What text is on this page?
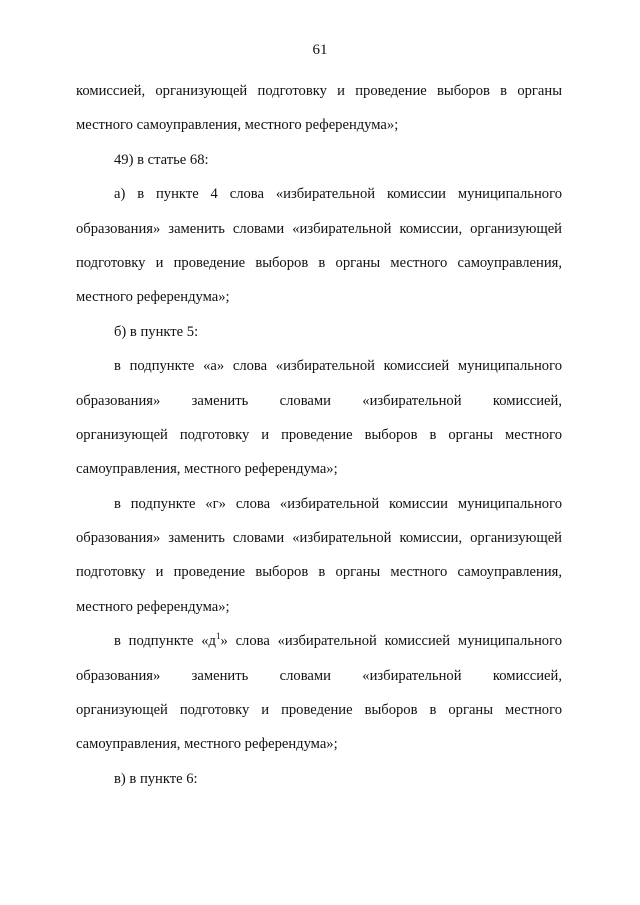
61
комиссией, организующей подготовку и проведение выборов в органы
местного самоуправления, местного референдума»;
49) в статье 68:
а) в пункте 4 слова «избирательной комиссии муниципального
образования» заменить словами «избирательной комиссии, организующей
подготовку и проведение выборов в органы местного самоуправления,
местного референдума»;
б) в пункте 5:
в подпункте «а» слова «избирательной комиссией муниципального
образования» заменить словами «избирательной комиссией,
организующей подготовку и проведение выборов в органы местного
самоуправления, местного референдума»;
в подпункте «г» слова «избирательной комиссии муниципального
образования» заменить словами «избирательной комиссии, организующей
подготовку и проведение выборов в органы местного самоуправления,
местного референдума»;
в подпункте «$д^1$» слова «избирательной комиссией муниципального
образования» заменить словами «избирательной комиссией,
организующей подготовку и проведение выборов в органы местного
самоуправления, местного референдума»;
в) в пункте 6:
